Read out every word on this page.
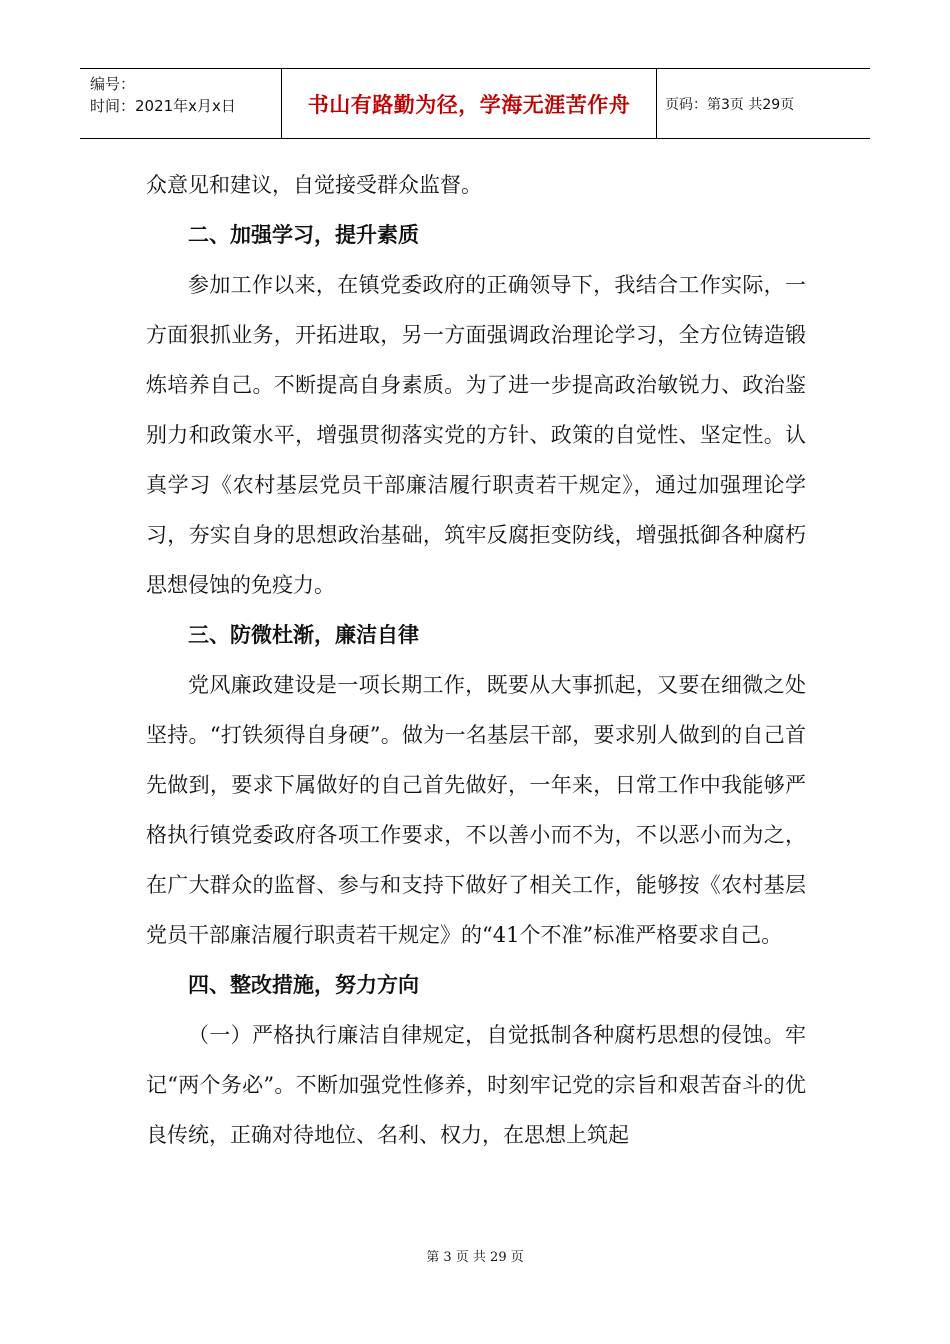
编号：
时间：2021年x月x日	书山有路勤为径，学海无涯苦作舟 页码：第3页 共29页

众意见和建议，自觉接受群众监督。

二、加强学习，提升素质

参加工作以来，在镇党委政府的正确领导下，我结合工作实际，一方面狠抓业务，开拓进取，另一方面强调政治理论学习，全方位铸造锻炼培养自己。不断提高自身素质。为了进一步提高政治敏锐力、政治鉴别力和政策水平，增强贯彻落实党的方针、政策的自觉性、坚定性。认真学习《农村基层党员干部廉洁履行职责若干规定》，通过加强理论学习，夯实自身的思想政治基础，筑牢反腐拒变防线，增强抵御各种腐朽思想侵蚀的免疫力。

三、防微杜渐，廉洁自律

党风廉政建设是一项长期工作，既要从大事抓起，又要在细微之处坚持。“打铁须得自身硬”。做为一名基层干部，要求别人做到的自己首先做到，要求下属做好的自己首先做好，一年来，日常工作中我能够严格执行镇党委政府各项工作要求，不以善小而不为，不以恶小而为之，在广大群众的监督、参与和支持下做好了相关工作，能够按《农村基层党员干部廉洁履行职责若干规定》的“41个不准”标准严格要求自己。

四、整改措施，努力方向

（一）严格执行廉洁自律规定，自觉抵制各种腐朽思想的侵蚀。牢记“两个务必”。不断加强党性修养，时刻牢记党的宗旨和艰苦奋斗的优良传统，正确对待地位、名利、权力，在思想上筑起

第 3 页 共 29 页
